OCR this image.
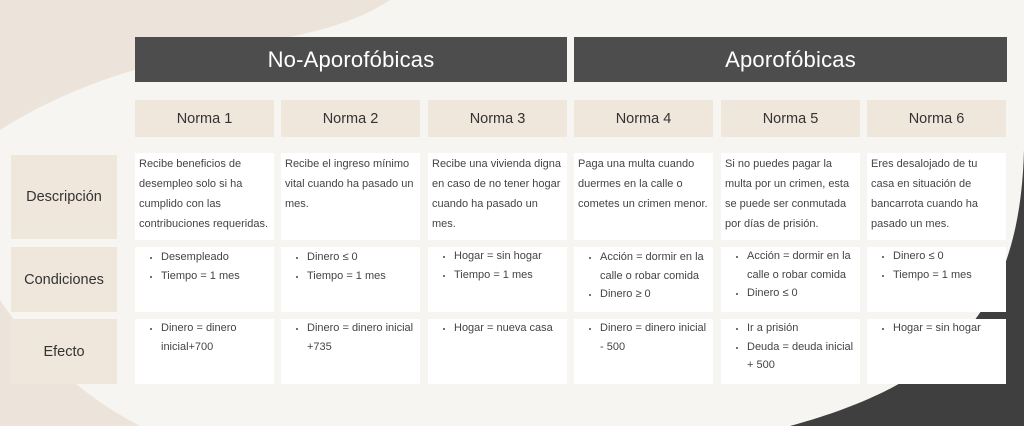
No-Aporofóbicas	Aporofóbicas
Norma 1	Norma 2	Norma 3	Norma 4	Norma 5	Norma 6
Descripción
Condiciones
Efecto

Recibe beneficios de desempleo solo si ha cumplido con las contribuciones requeridas.

Recibe el ingreso mínimo vital cuando ha pasado un mes.

Recibe una vivienda digna en caso de no tener hogar cuando ha pasado un mes.

Paga una multa cuando duermes en la calle o cometes un crimen menor.

Si no puedes pagar la multa por un crimen, esta se puede ser conmutada por días de prisión.

Eres desalojado de tu casa en situación de bancarrota cuando ha pasado un mes.

• Desempleado
• Tiempo = 1 mes
• Dinero ≤ 0
• Tiempo = 1 mes
• Hogar = sin hogar
• Tiempo = 1 mes
• Acción = dormir en la calle o robar comida
• Dinero ≥ 0
• Acción = dormir en la calle o robar comida
• Dinero ≤ 0
• Dinero ≤ 0
• Tiempo = 1 mes
• Dinero = dinero inicial+700
• Dinero = dinero inicial +735
• Hogar = nueva casa
•	Dinero = dinero inicial - 500
• Ir a prisión
• Deuda = deuda inicial + 500
• Hogar = sin hogar
